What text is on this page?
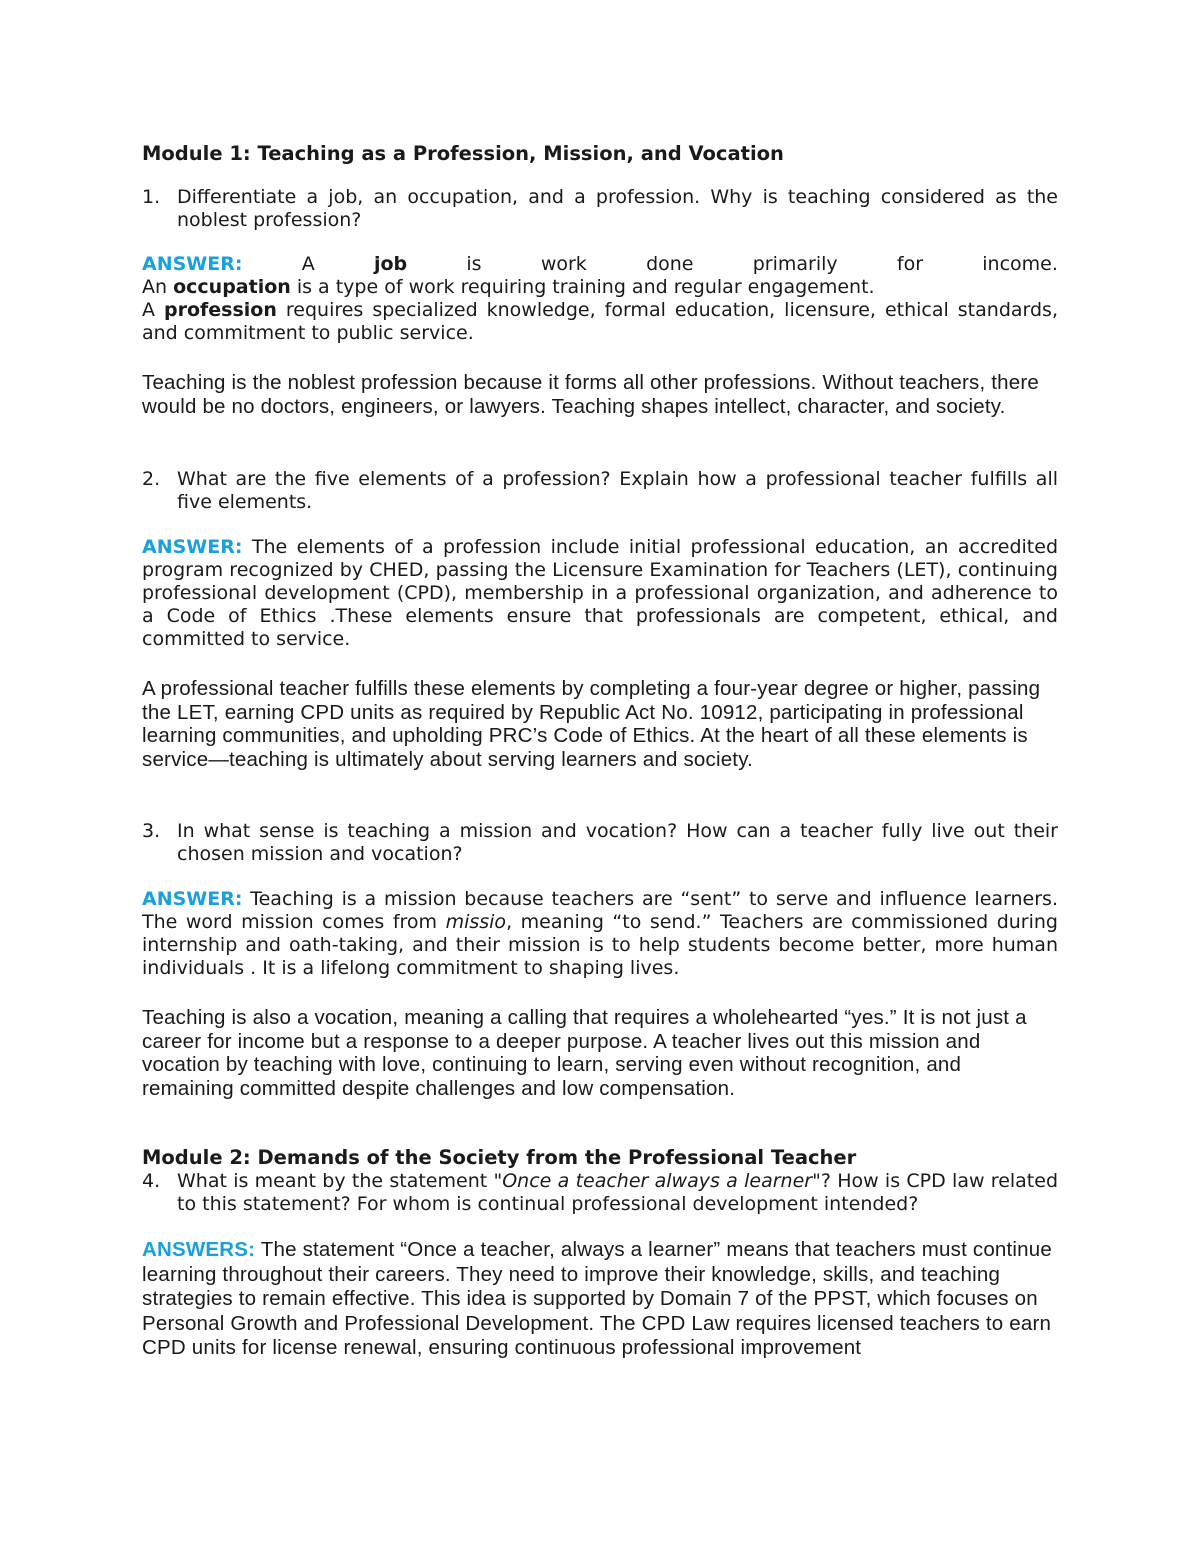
Module 1: Teaching as a Profession, Mission, and Vocation
1. Differentiate a job, an occupation, and a profession. Why is teaching considered as the noblest profession?
ANSWER:	A	job	is	work	done	primarily	for	income.
An occupation is a type of work requiring training and regular engagement.
A profession requires specialized knowledge, formal education, licensure, ethical standards, and commitment to public service.

Teaching is the noblest profession because it forms all other professions. Without teachers, there would be no doctors, engineers, or lawyers. Teaching shapes intellect, character, and society.

2. What are the five elements of a profession? Explain how a professional teacher fulfills all five elements.

ANSWER: The elements of a profession include initial professional education, an accredited program recognized by CHED, passing the Licensure Examination for Teachers (LET), continuing professional development (CPD), membership in a professional organization, and adherence to a Code of Ethics .These elements ensure that professionals are competent, ethical, and committed to service.

A professional teacher fulfills these elements by completing a four-year degree or higher, passing the LET, earning CPD units as required by Republic Act No. 10912, participating in professional learning communities, and upholding PRC’s Code of Ethics. At the heart of all these elements is service—teaching is ultimately about serving learners and society.

3. In what sense is teaching a mission and vocation? How can a teacher fully live out their chosen mission and vocation?

ANSWER: Teaching is a mission because teachers are “sent” to serve and influence learners. The word mission comes from missio, meaning “to send.” Teachers are commissioned during internship and oath-taking, and their mission is to help students become better, more human individuals . It is a lifelong commitment to shaping lives.

Teaching is also a vocation, meaning a calling that requires a wholehearted “yes.” It is not just a career for income but a response to a deeper purpose. A teacher lives out this mission and vocation by teaching with love, continuing to learn, serving even without recognition, and remaining committed despite challenges and low compensation.

Module 2: Demands of the Society from the Professional Teacher
4. What is meant by the statement "Once a teacher always a learner"? How is CPD law related to this statement? For whom is continual professional development intended?

ANSWERS: The statement “Once a teacher, always a learner” means that teachers must continue learning throughout their careers. They need to improve their knowledge, skills, and teaching strategies to remain effective. This idea is supported by Domain 7 of the PPST, which focuses on Personal Growth and Professional Development. The CPD Law requires licensed teachers to earn CPD units for license renewal, ensuring continuous professional improvement
